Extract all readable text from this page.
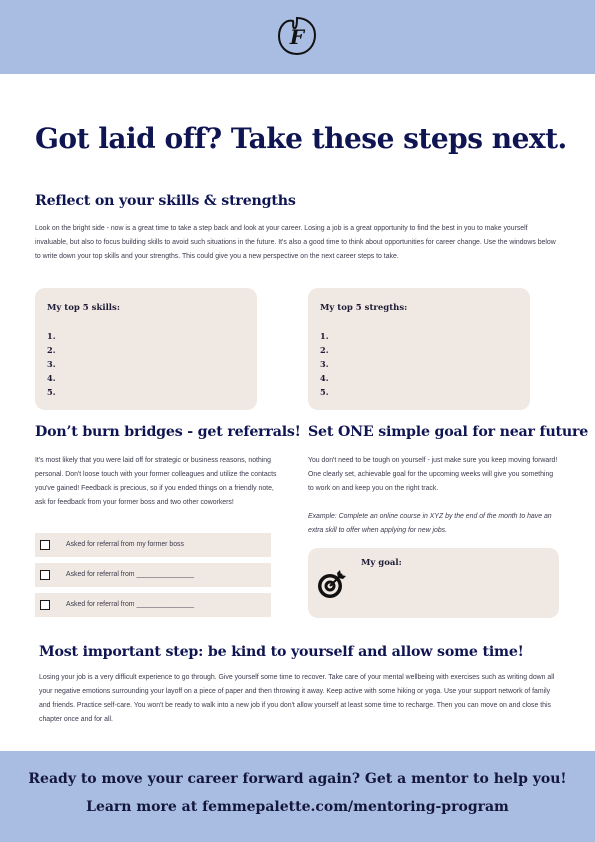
F
Got laid off? Take these steps next.
Reflect on your skills & strengths
Look on the bright side - now is a great time to take a step back and look at your career. Losing a job is a great opportunity to find the best in you to make yourself invaluable, but also to focus building skills to avoid such situations in the future. It's also a good time to think about opportunities for career change. Use the windows below to write down your top skills and your strengths. This could give you a new perspective on the next career steps to take.
My top 5 skills:
1.
2.
3.
4.
5.
My top 5 stregths:
1.
2.
3.
4.
5.
Don’t burn bridges - get referrals!
It's most likely that you were laid off for strategic or business reasons, nothing personal. Don't loose touch with your former colleagues and utilize the contacts you've gained! Feedback is precious, so if you ended things on a friendly note, ask for feedback from your former boss and two other coworkers!
Asked for referral from my former boss
Asked for referral from _______________
Asked for referral from _______________
Set ONE simple goal for near future
You don't need to be tough on yourself - just make sure you keep moving forward! One clearly set, achievable goal for the upcoming weeks will give you something to work on and keep you on the right track.
Example: Complete an online course in XYZ by the end of the month to have an extra skill to offer when applying for new jobs.
My goal:
Most important step: be kind to yourself and allow some time!
Losing your job is a very difficult experience to go through. Give yourself some time to recover. Take care of your mental wellbeing with exercises such as writing down all your negative emotions surrounding your layoff on a piece of paper and then throwing it away. Keep active with some hiking or yoga. Use your support network of family and friends. Practice self-care. You won't be ready to walk into a new job if you don't allow yourself at least some time to recharge. Then you can move on and close this chapter once and for all.
Ready to move your career forward again? Get a mentor to help you!
Learn more at femmepalette.com/mentoring-program
